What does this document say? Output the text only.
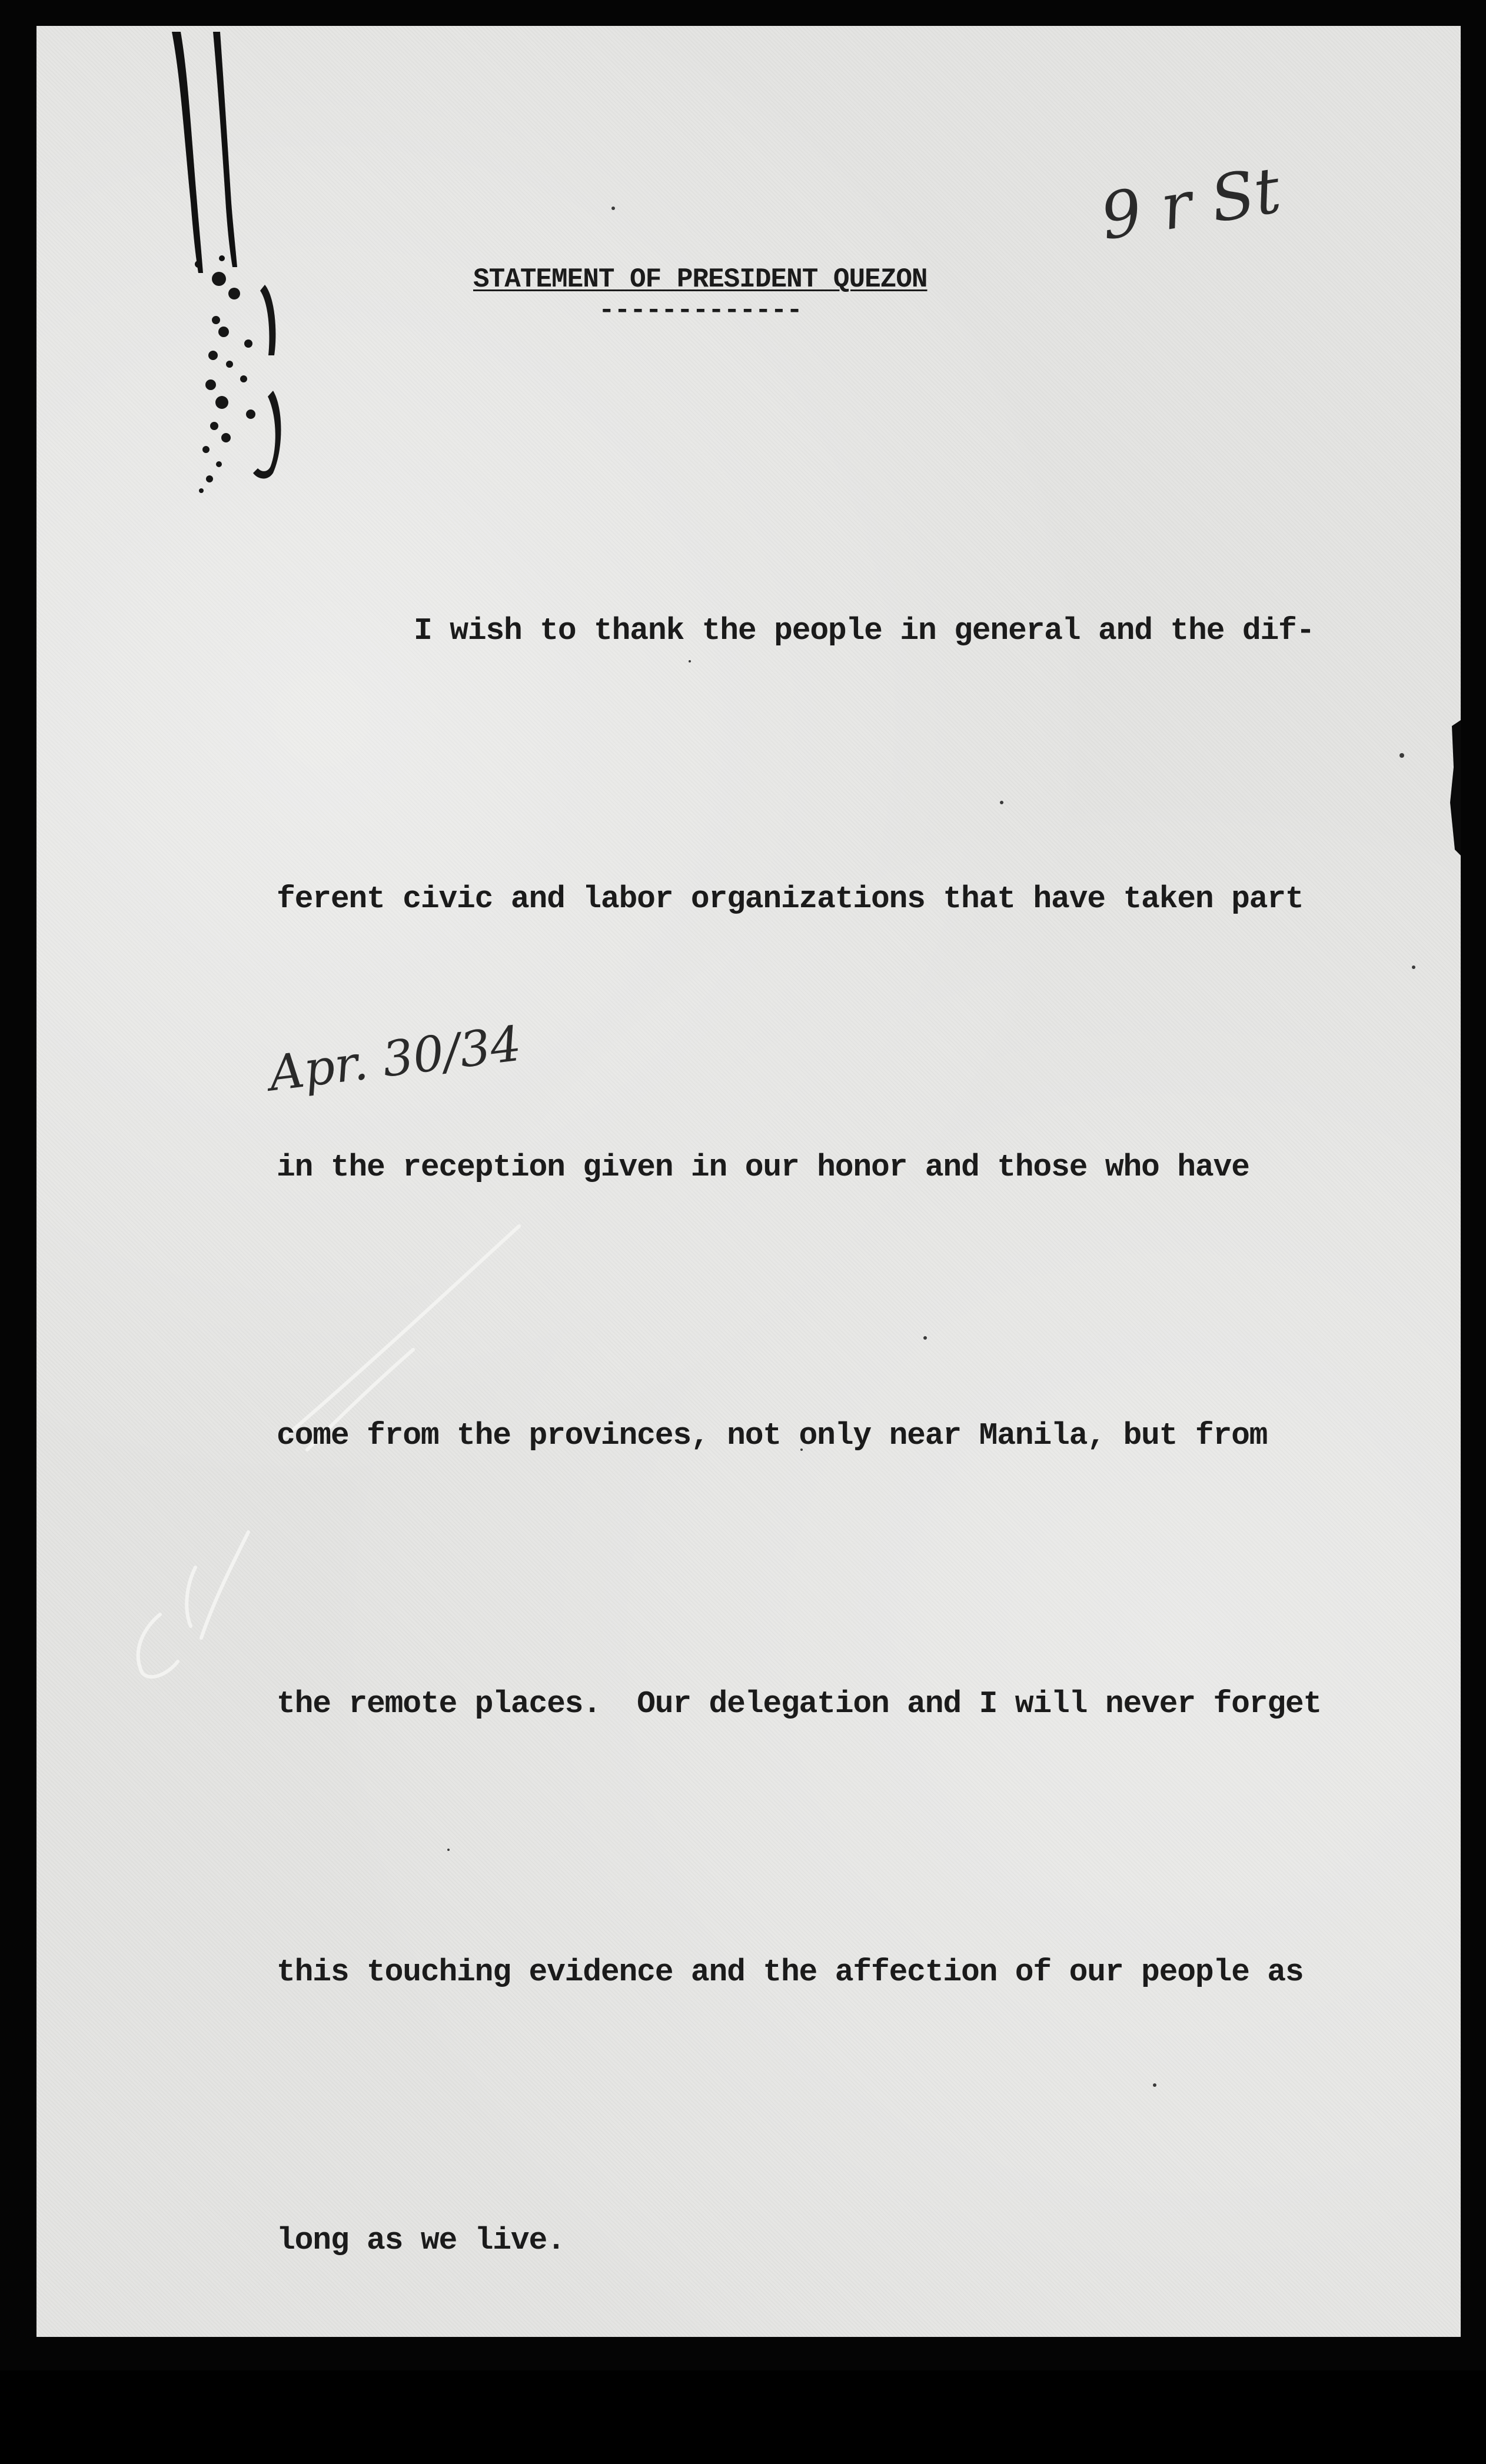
STATEMENT OF PRESIDENT QUEZON
-------------

I wish to thank the people in general and the dif-

ferent civic and labor organizations that have taken part

in the reception given in our honor and those who have

come from the provinces, not only near Manila, but from

the remote places.  Our delegation and I will never forget

this touching evidence and the affection of our people as

long as we live.

9 r St
Apr. 30/34
